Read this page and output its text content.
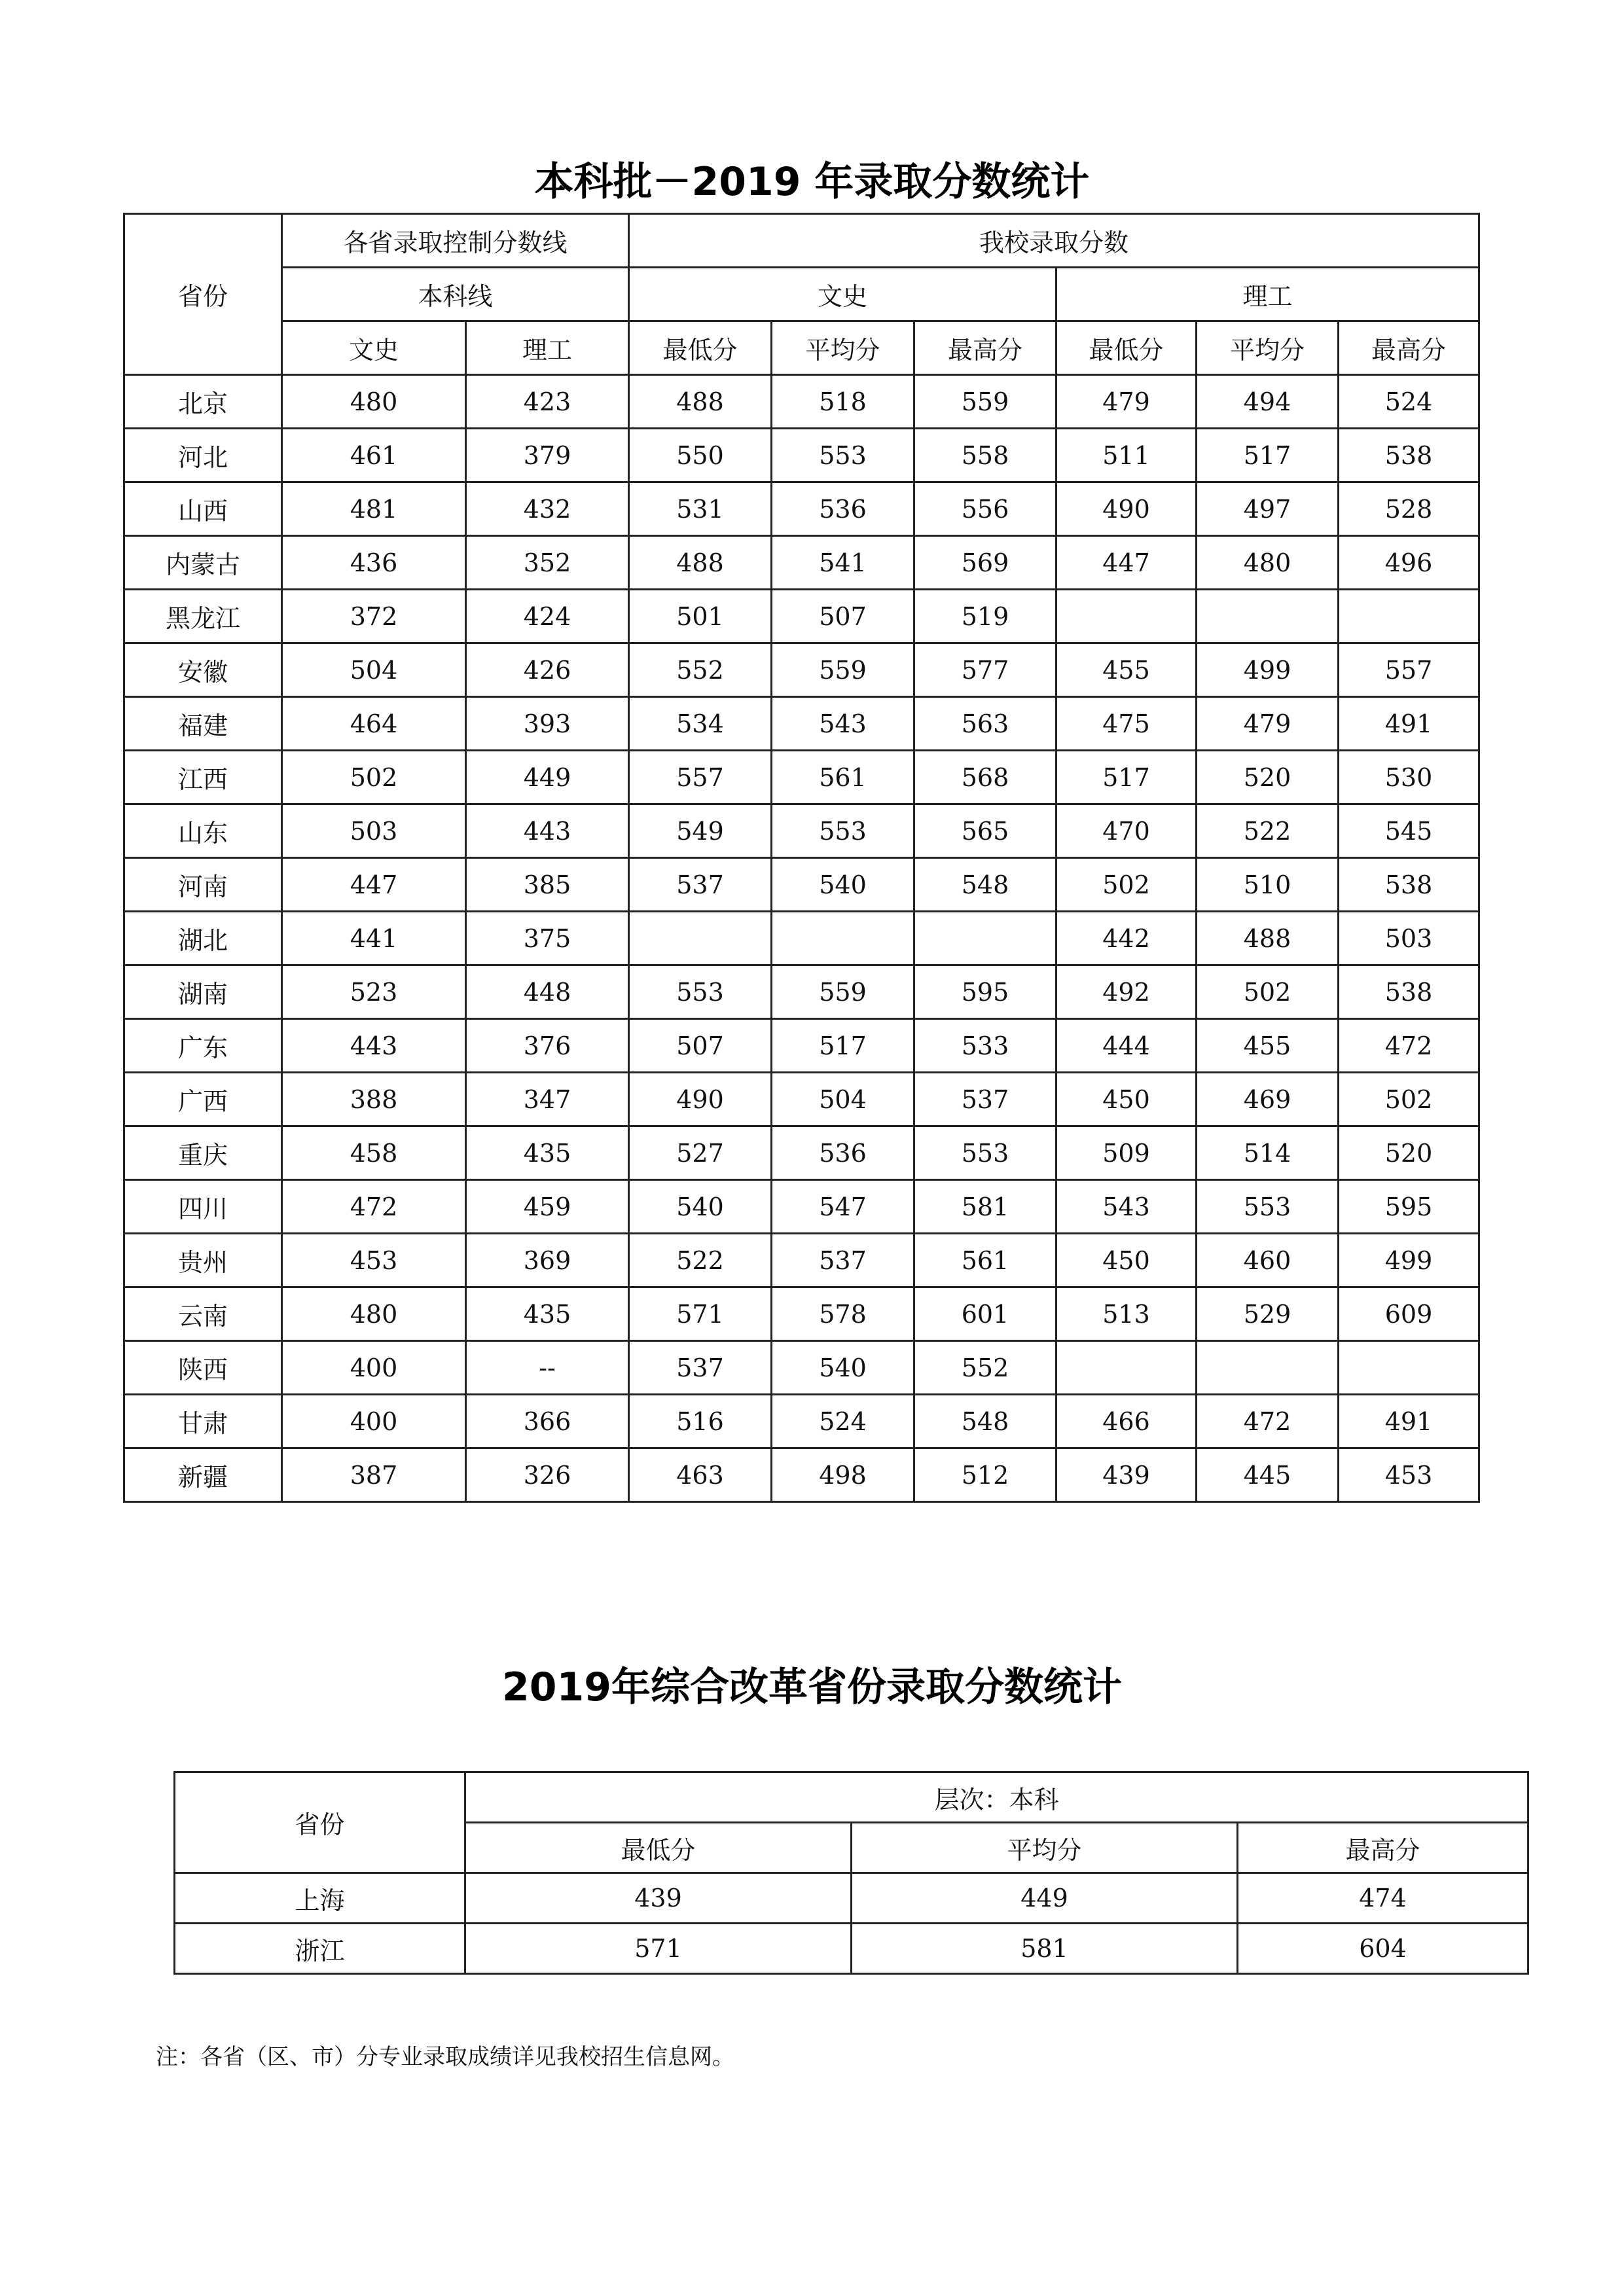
本科批－2019 年录取分数统计
省份	各省录取控制分数线		我校录取分数					
	本科线		文史			理工		
	文史	理工	最低分	平均分	最高分	最低分	平均分	最高分
北京	480	423	488	518	559	479	494	524
河北	461	379	550	553	558	511	517	538
山西	481	432	531	536	556	490	497	528
内蒙古	436	352	488	541	569	447	480	496
黑龙江	372	424	501	507	519			
安徽	504	426	552	559	577	455	499	557
福建	464	393	534	543	563	475	479	491
江西	502	449	557	561	568	517	520	530
山东	503	443	549	553	565	470	522	545
河南	447	385	537	540	548	502	510	538
湖北	441	375				442	488	503
湖南	523	448	553	559	595	492	502	538
广东	443	376	507	517	533	444	455	472
广西	388	347	490	504	537	450	469	502
重庆	458	435	527	536	553	509	514	520
四川	472	459	540	547	581	543	553	595
贵州	453	369	522	537	561	450	460	499
云南	480	435	571	578	601	513	529	609
陕西	400	--	537	540	552			
甘肃	400	366	516	524	548	466	472	491
新疆	387	326	463	498	512	439	445	453
2019年综合改革省份录取分数统计
省份	层次：本科		
	最低分	平均分	最高分
上海	439	449	474
浙江	571	581	604
注：各省（区、市）分专业录取成绩详见我校招生信息网。
